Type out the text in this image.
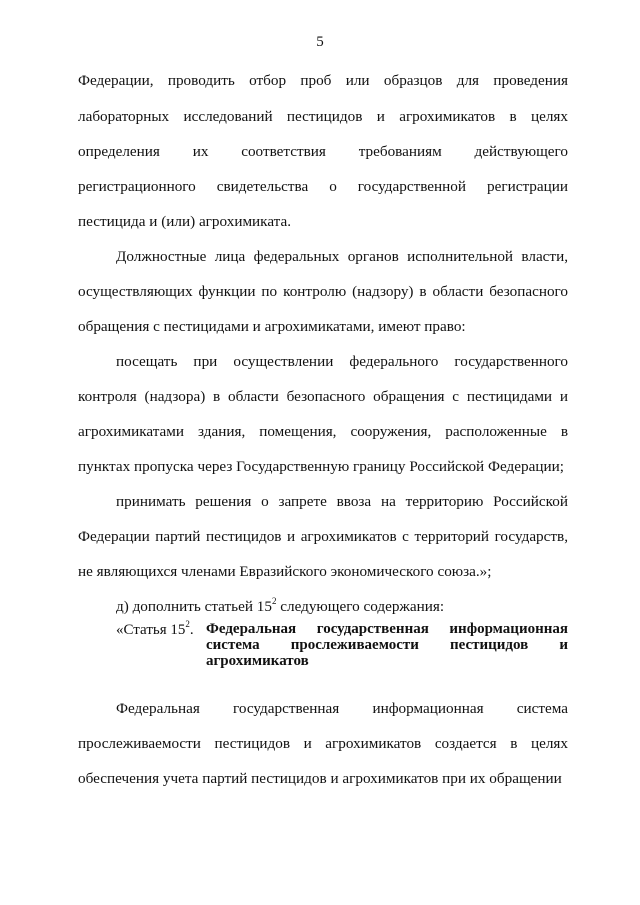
5
Федерации, проводить отбор проб или образцов для проведения
лабораторных исследований пестицидов и агрохимикатов в целях
определения их соответствия требованиям действующего
регистрационного свидетельства о государственной регистрации
пестицида и (или) агрохимиката.
Должностные лица федеральных органов исполнительной власти,
осуществляющих функции по контролю (надзору) в области безопасного
обращения с пестицидами и агрохимикатами, имеют право:
посещать при осуществлении федерального государственного
контроля (надзора) в области безопасного обращения с пестицидами и
агрохимикатами здания, помещения, сооружения, расположенные в
пунктах пропуска через Государственную границу Российской Федерации;
принимать решения о запрете ввоза на территорию Российской
Федерации партий пестицидов и агрохимикатов с территорий государств,
не являющихся членами Евразийского экономического союза.»;
д) дополнить статьей $15^2$ следующего содержания:
Федеральная государственная информационная система
прослеживаемости пестицидов и агрохимикатов создается в целях
обеспечения учета партий пестицидов и агрохимикатов при их обращении
«Статья $15^2$. Федеральная государственная информационная
система прослеживаемости пестицидов и
агрохимикатов
